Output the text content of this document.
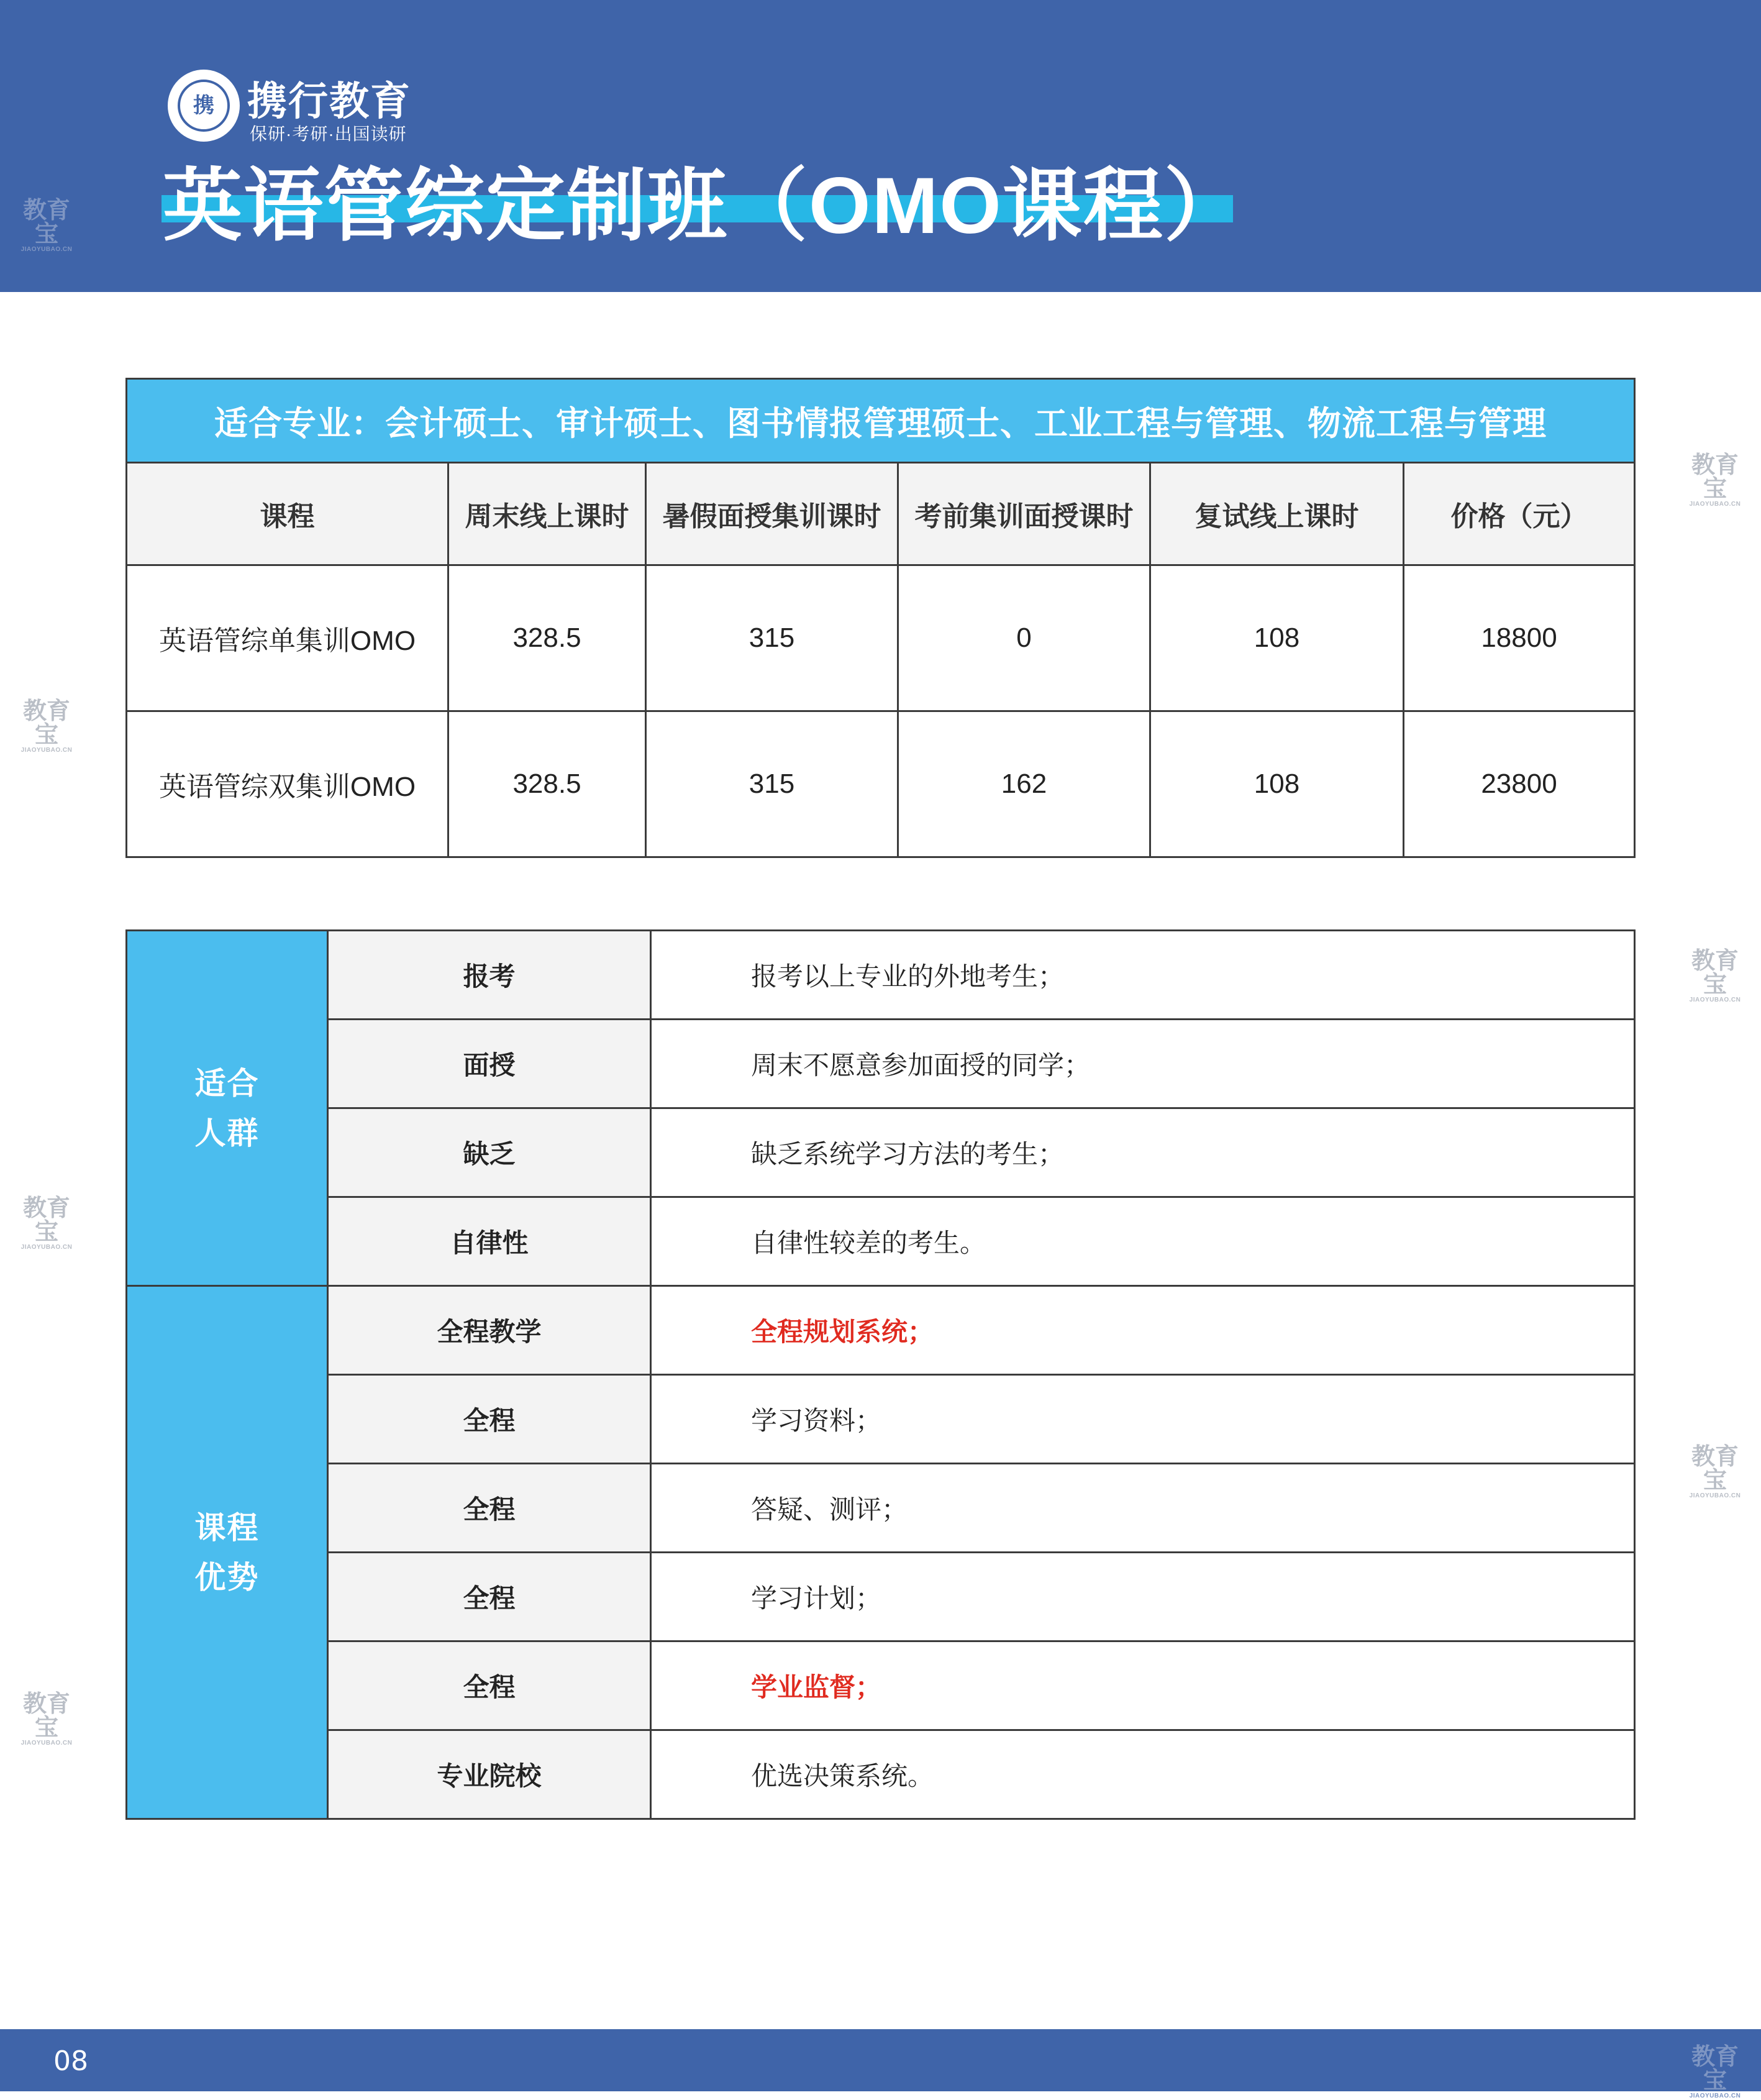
携 携行教育
保研·考研·出国读研
英语管综定制班（OMO课程）
教育宝
JIAOYUBAO.CN
教育宝
JIAOYUBAO.CN
教育宝
JIAOYUBAO.CN
教育宝
JIAOYUBAO.CN
教育宝
JIAOYUBAO.CN
教育宝
JIAOYUBAO.CN
教育宝
JIAOYUBAO.CN
适合专业：会计硕士、审计硕士、图书情报管理硕士、工业工程与管理、物流工程与管理					
课程	周末线上课时	暑假面授集训课时	考前集训面授课时	复试线上课时	价格（元）
英语管综单集训OMO	328.5	315	0	108	18800
英语管综双集训OMO	328.5	315	162	108	23800
适合
人群	报考	报考以上专业的外地考生；
	面授	周末不愿意参加面授的同学；
	缺乏	缺乏系统学习方法的考生；
	自律性	自律性较差的考生。
课程
优势	全程教学	全程规划系统；
	全程	学习资料；
	全程	答疑、测评；
	全程	学习计划；
	全程	学业监督；
	专业院校	优选决策系统。
08	教育宝
JIAOYUBAO.CN
